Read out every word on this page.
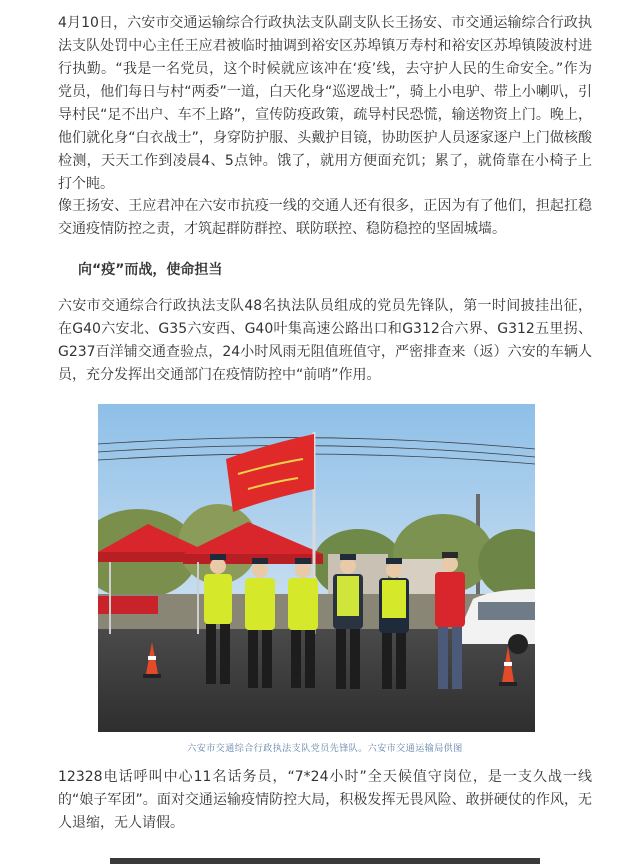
4月10日，六安市交通运输综合行政执法支队副支队长王扬安、市交通运输综合行政执法支队处罚中心主任王应君被临时抽调到裕安区苏埠镇万寿村和裕安区苏埠镇陵波村进行执勤。“我是一名党员，这个时候就应该冲在‘疫’线，去守护人民的生命安全。”作为党员，他们每日与村“两委”一道，白天化身“巡逻战士”，骑上小电驴、带上小喇叭，引导村民“足不出户、车不上路”，宣传防疫政策，疏导村民恐慌，输送物资上门。晚上，他们就化身“白衣战士”，身穿防护服、头戴护目镜，协助医护人员逐家逐户上门做核酸检测，天天工作到凌晨4、5点钟。饿了，就用方便面充饥；累了，就倚靠在小椅子上打个盹。

像王扬安、王应君冲在六安市抗疫一线的交通人还有很多，正因为有了他们，担起扛稳交通疫情防控之责，才筑起群防群控、联防联控、稳防稳控的坚固城墙。

向“疫”而战，使命担当

六安市交通综合行政执法支队48名执法队员组成的党员先锋队，第一时间披挂出征，在G40六安北、G35六安西、G40叶集高速公路出口和G312合六界、G312五里拐、G237百洋铺交通查验点，24小时风雨无阻值班值守，严密排查来（返）六安的车辆人员，充分发挥出交通部门在疫情防控中“前哨”作用。

六安市交通综合行政执法支队党员先锋队。六安市交通运输局供图

12328电话呼叫中心11名话务员，“7*24小时”全天候值守岗位，是一支久战一线的“娘子军团”。面对交通运输疫情防控大局，积极发挥无畏风险、敢拼硬仗的作风，无人退缩，无人请假。
